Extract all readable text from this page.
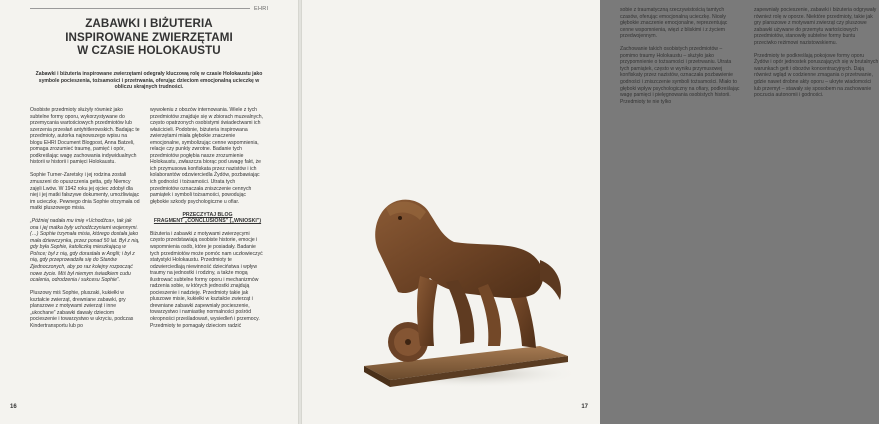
EHRI
ZABAWKI I BIŻUTERIA
INSPIROWANE ZWIERZĘTAMI
W CZASIE HOLOKAUSTU
Zabawki i biżuteria inspirowane zwierzętami odegrały kluczową rolę w czasie Holokaustu jako symbole pocieszenia, tożsamości i przetrwania, oferując dzieciom emocjonalną ucieczkę w obliczu skrajnych trudności.

Osobiste przedmioty służyły również jako subtelne formy oporu, wykorzystywane do przemycania wartościowych przedmiotów lub szerzenia przesłań antyhitlerowskich. Badając te przedmioty, autorka najnowszego wpisu na blogu EHRI Document Blogpost, Anna Batzeli, pomaga zrozumieć traumę, pamięć i opór, podkreślając wagę zachowania indywidualnych historii w historii i pamięci Holokaustu.

Sophie Turner-Zaretsky i jej rodzina zostali zmuszeni do opuszczenia getta, gdy Niemcy zajęli Lwów. W 1942 roku jej ojciec zdobył dla niej i jej matki fałszywe dokumenty, umożliwiając im ucieczkę. Pewnego dnia Sophie otrzymała od matki pluszowego misia.

„Później nadała mu imię «Uchodźca», tak jak ona i jej matka były uchodźczyniami wojennymi. (…) Sophie trzymała misia, którego dostała jako mała dziewczynka, przez ponad 50 lat. Był z nią, gdy była Sophie, katoliczką mieszkającą w Polsce; był z nią, gdy dorastała w Anglii; i był z nią, gdy przeprowadziła się do Stanów Zjednoczonych, aby po raz kolejny rozpocząć nowe życie. Miś był niemym świadkiem cudu ocalenia, odrodzenia i sukcesu Sophie”.

Pluszowy miś Sophie, pluszaki, kukiełki w kształcie zwierząt, drewniane zabawki, gry planszowe z motywami zwierząt i inne „ukochane” zabawki dawały dzieciom pocieszenie i towarzystwo w ukryciu, podczas Kindertransportu lub po

wywołeniu z obozów internowania. Wiele z tych przedmiotów znajduje się w zbiorach muzealnych, często opatrzonych osobistymi świadectwami ich właścicieli. Podobnie, biżuteria inspirowana zwierzętami miała głębokie znaczenie emocjonalne, symbolizując cenne wspomnienia, relacje czy punkty zwrotne. Badanie tych przedmiotów pogłębia nasze zrozumienie Holokaustu, zwłaszcza biorąc pod uwagę fakt, że ich przymusowa konfiskata przez nazistów i ich kolaborantów odzwierciedla Żydów, pozbawiając ich godności i tożsamości. Utrata tych przedmiotów oznaczała zniszczenie cennych pamiątek i symboli tożsamości, powodując głębokie szkody psychologiczne u ofiar.

PRZECZYTAJ BLOG
FRAGMENT „CONCLUSIONS” („WNIOSKI”)

Biżuteria i zabawki z motywami zwierzęcymi często przedstawiają osobiste historie, emocje i wspomnienia osób, które je posiadały. Badanie tych przedmiotów może pomóc nam uczłowieczyć statystyki Holokaustu. Przedmioty te odzwierciedlają niewinność dzieciństwa i wpływ traumy na jednostki i rodziny, a także mogą ilustrować subtelne formy oporu i mechanizmów radzenia sobie, w których jednostki znajdują pocieszenie i nadzieję. Przedmioty takie jak pluszowe misie, kukiełki w kształcie zwierząt i drewniane zabawki zapewniały pocieszenie, towarzystwo i namiastkę normalności pośród okropności prześladowań, wysiedleń i przemocy. Przedmioty te pomagały dzieciom radzić

16

sobie z traumatyczną rzeczywistością tamtych czasów, oferując emocjonalną ucieczkę. Niosły głębokie znaczenie emocjonalne, reprezentując cenne wspomnienia, więzi z bliskimi i z życiem przedwojennym.

Zachowanie takich osobistych przedmiotów – pomimo traumy Holokaustu – służyło jako przypomnienie o tożsamości i przetrwaniu. Utrata tych pamiątek, często w wyniku przymusowej konfiskaty przez nazistów, oznaczała pozbawienie godności i zniszczenie symboli tożsamości. Miało to głęboki wpływ psychologiczny na ofiary, podkreślając wagę pamięci i pielęgnowania osobistych historii. Przedmioty te nie tylko

zapewniały pocieszenie, zabawki i biżuteria odgrywały również rolę w oporze. Niektóre przedmioty, takie jak gry planszowe z motywami zwierząt czy pluszowe zabawki używane do przemytu wartościowych przedmiotów, stanowiły subtelne formy buntu przeciwko reżimowi nazistowskiemu.

Przedmioty te podkreślają pokojowe formy oporu Żydów i opór jednostek poruszających się w brutalnych warunkach gett i obozów koncentracyjnych. Dają również wgląd w codzienne zmagania o przetrwanie, gdzie nawet drobne akty oporu – ukryte wiadomości lub przemyt – stawały się sposobem na zachowanie poczucia autonomii i godności.

17
